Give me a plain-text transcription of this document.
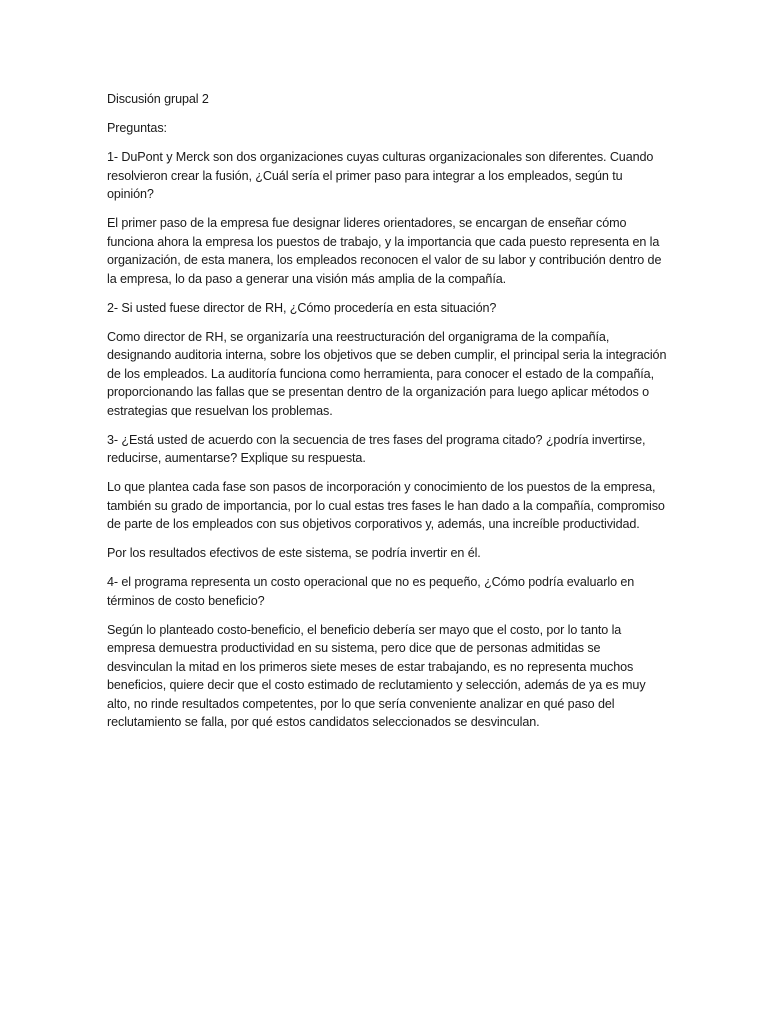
Discusión grupal 2

Preguntas:

1- DuPont y Merck son dos organizaciones cuyas culturas organizacionales son diferentes. Cuando resolvieron crear la fusión, ¿Cuál sería el primer paso para integrar a los empleados, según tu opinión?

El primer paso de la empresa fue designar lideres orientadores, se encargan de enseñar cómo funciona ahora la empresa los puestos de trabajo, y la importancia que cada puesto representa en la organización, de esta manera, los empleados reconocen el valor de su labor y contribución dentro de la empresa, lo da paso a generar una visión más amplia de la compañía.

2- Si usted fuese director de RH, ¿Cómo procedería en esta situación?

Como director de RH, se organizaría una reestructuración del organigrama de la compañía, designando auditoria interna, sobre los objetivos que se deben cumplir, el principal seria la integración de los empleados. La auditoría funciona como herramienta, para conocer el estado de la compañía, proporcionando las fallas que se presentan dentro de la organización para luego aplicar métodos o estrategias que resuelvan los problemas.

3- ¿Está usted de acuerdo con la secuencia de tres fases del programa citado? ¿podría invertirse, reducirse, aumentarse? Explique su respuesta.

Lo que plantea cada fase son pasos de incorporación y conocimiento de los puestos de la empresa, también su grado de importancia, por lo cual estas tres fases le han dado a la compañía, compromiso de parte de los empleados con sus objetivos corporativos y, además, una increíble productividad.

Por los resultados efectivos de este sistema, se podría invertir en él.

4- el programa representa un costo operacional que no es pequeño, ¿Cómo podría evaluarlo en términos de costo beneficio?

Según lo planteado costo-beneficio, el beneficio debería ser mayo que el costo, por lo tanto la empresa demuestra productividad en su sistema, pero dice que de personas admitidas se desvinculan la mitad en los primeros siete meses de estar trabajando, es no representa muchos beneficios, quiere decir que el costo estimado de reclutamiento y selección, además de ya es muy alto, no rinde resultados competentes, por lo que sería conveniente analizar en qué paso del reclutamiento se falla, por qué estos candidatos seleccionados se desvinculan.
